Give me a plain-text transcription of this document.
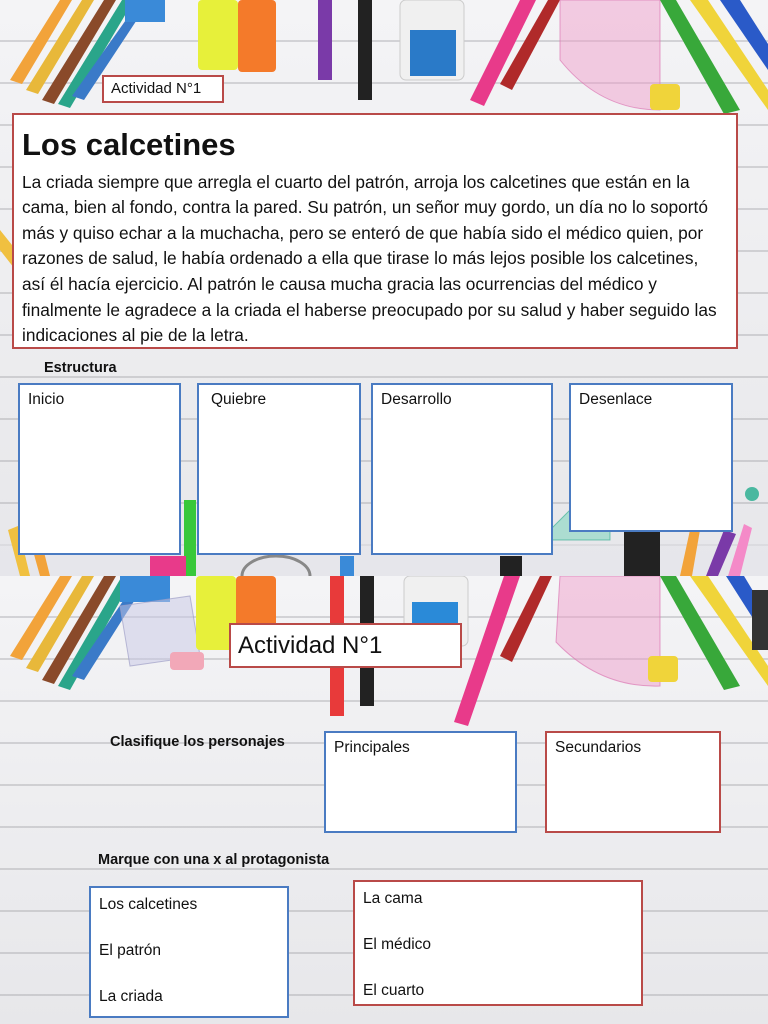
Actividad N°1
Los calcetines

La criada siempre que arregla el cuarto del patrón, arroja los calcetines que están en la cama, bien al fondo, contra la pared. Su patrón, un señor muy gordo, un día no lo soportó más y quiso echar a la muchacha, pero se enteró de que había sido el médico quien, por razones de salud, le había ordenado a ella que tirase lo más lejos posible los calcetines, así él hacía ejercicio. Al patrón le causa mucha gracia las ocurrencias del médico y finalmente le agradece a la criada el haberse preocupado por su salud y haber seguido las indicaciones al pie de la letra.

Estructura
Inicio	Quiebre	Desarrollo	Desenlace
Actividad N°1
Clasifique los personajes	Principales	Secundarios
Marque con una x al protagonista
Los calcetines
El patrón
La criada
La cama
El médico
El cuarto
